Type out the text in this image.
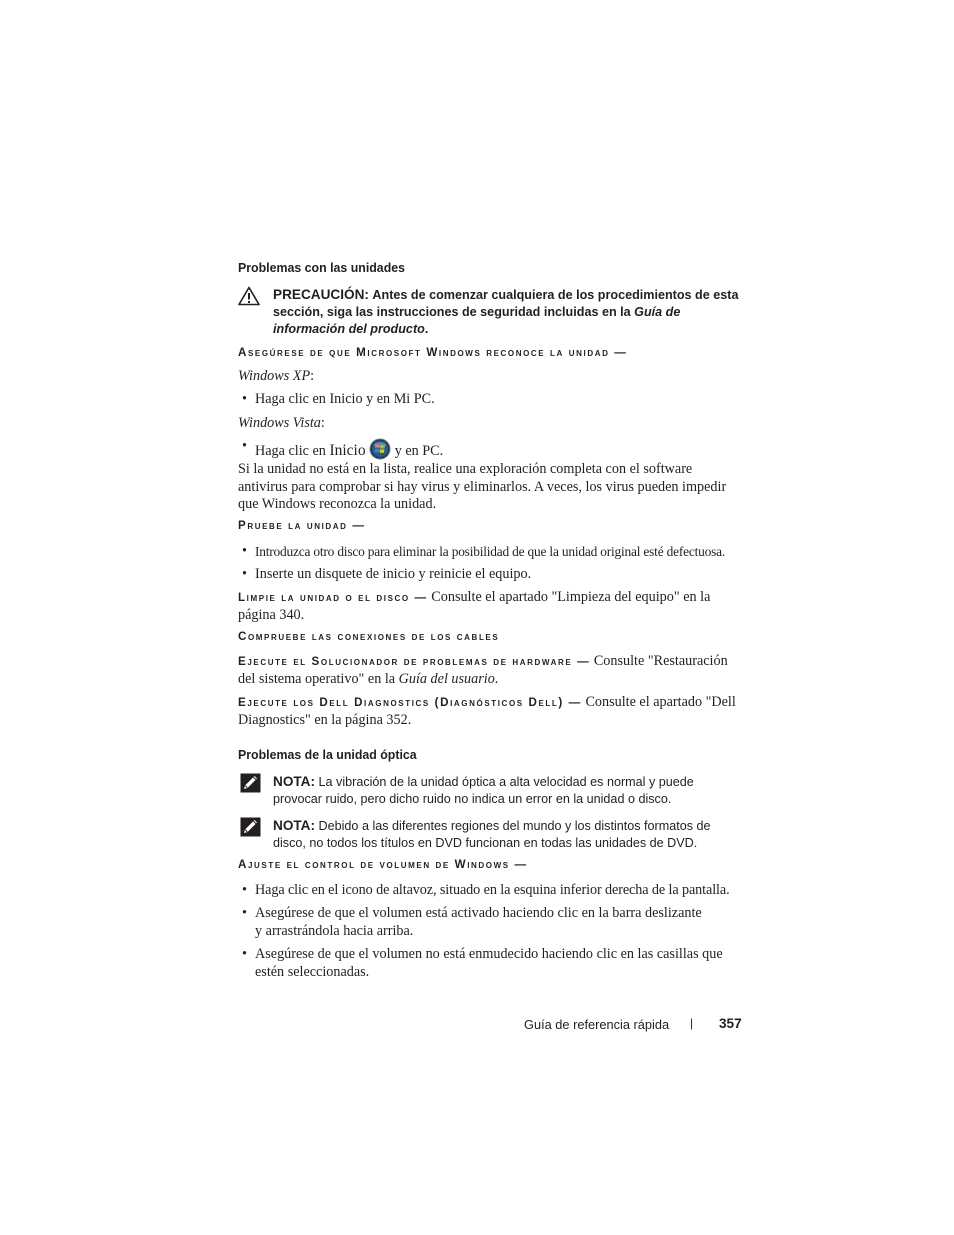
Problemas con las unidades
PRECAUCIÓN: Antes de comenzar cualquiera de los procedimientos de esta sección, siga las instrucciones de seguridad incluidas en la Guía de información del producto.
Asegúrese de que Microsoft Windows reconoce la unidad —
Windows XP:
• Haga clic en Inicio y en Mi PC.
Windows Vista:
• Haga clic en Inicio y en PC.
Si la unidad no está en la lista, realice una exploración completa con el software antivirus para comprobar si hay virus y eliminarlos. A veces, los virus pueden impedir que Windows reconozca la unidad.
Pruebe la unidad —
• Introduzca otro disco para eliminar la posibilidad de que la unidad original esté defectuosa.
• Inserte un disquete de inicio y reinicie el equipo.
Limpie la unidad o el disco — Consulte el apartado "Limpieza del equipo" en la página 340.
Compruebe las conexiones de los cables
Ejecute el Solucionador de problemas de hardware — Consulte "Restauración del sistema operativo" en la Guía del usuario.
Ejecute los Dell Diagnostics (Diagnósticos Dell) — Consulte el apartado "Dell Diagnostics" en la página 352.
Problemas de la unidad óptica
NOTA: La vibración de la unidad óptica a alta velocidad es normal y puede provocar ruido, pero dicho ruido no indica un error en la unidad o disco.
NOTA: Debido a las diferentes regiones del mundo y los distintos formatos de disco, no todos los títulos en DVD funcionan en todas las unidades de DVD.
Ajuste el control de volumen de Windows —
• Haga clic en el icono de altavoz, situado en la esquina inferior derecha de la pantalla.
• Asegúrese de que el volumen está activado haciendo clic en la barra deslizante y arrastrándola hacia arriba.
• Asegúrese de que el volumen no está enmudecido haciendo clic en las casillas que estén seleccionadas.
Guía de referencia rápida | 357
